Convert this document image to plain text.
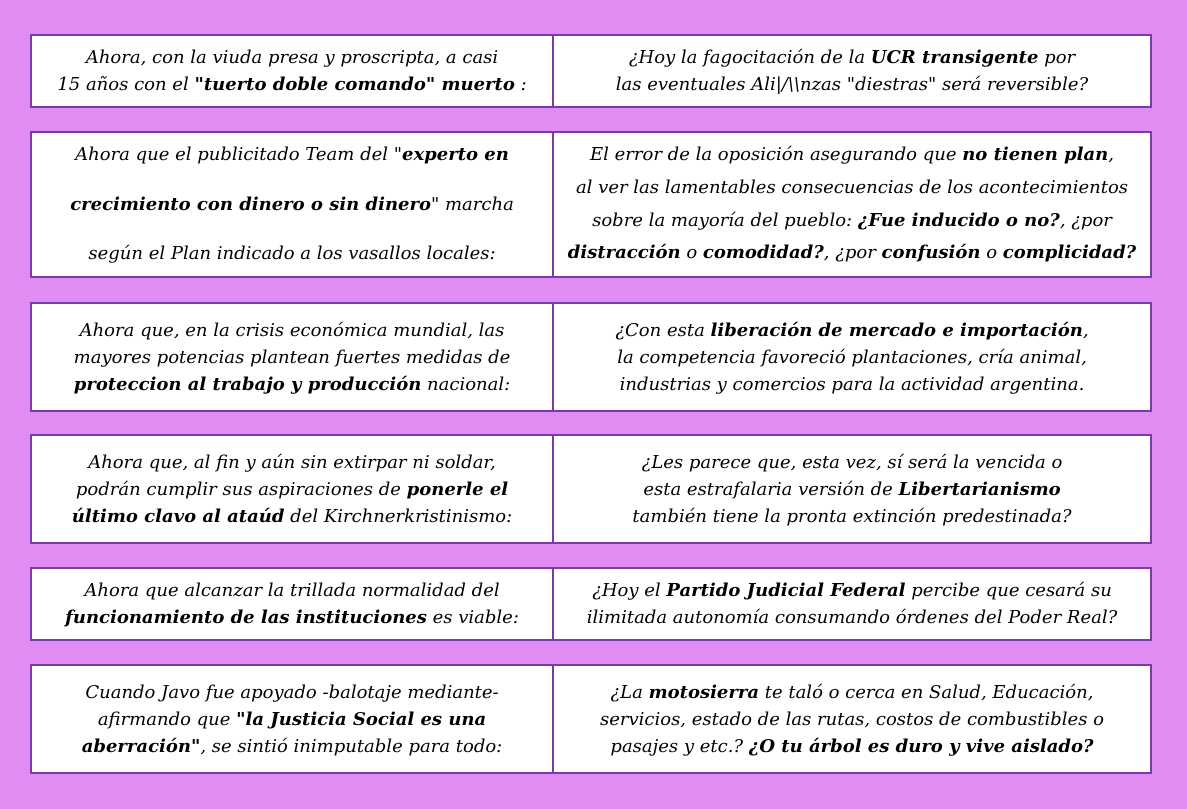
Ahora, con la viuda presa y proscripta, a casi
15 años con el "tuerto doble comando" muerto :
¿Hoy la fagocitación de la UCR transigente por
las eventuales Ali|/\\nzas "diestras" será reversible?
Ahora que el publicitado Team del "experto en
crecimiento con dinero o sin dinero" marcha
según el Plan indicado a los vasallos locales:
El error de la oposición asegurando que no tienen plan,
al ver las lamentables consecuencias de los acontecimientos
sobre la mayoría del pueblo: ¿Fue inducido o no?, ¿por
distracción o comodidad?, ¿por confusión o complicidad?
Ahora que, en la crisis económica mundial, las
mayores potencias plantean fuertes medidas de
proteccion al trabajo y producción nacional:
¿Con esta liberación de mercado e importación,
la competencia favoreció plantaciones, cría animal,
industrias y comercios para la actividad argentina.
Ahora que, al fin y aún sin extirpar ni soldar,
podrán cumplir sus aspiraciones de ponerle el
último clavo al ataúd del Kirchnerkristinismo:
¿Les parece que, esta vez, sí será la vencida o
esta estrafalaria versión de Libertarianismo
también tiene la pronta extinción predestinada?
Ahora que alcanzar la trillada normalidad del
funcionamiento de las instituciones es viable:
¿Hoy el Partido Judicial Federal percibe que cesará su
ilimitada autonomía consumando órdenes del Poder Real?
Cuando Javo fue apoyado -balotaje mediante-
afirmando que "la Justicia Social es una
aberración", se sintió inimputable para todo:
¿La motosierra te taló o cerca en Salud, Educación,
servicios, estado de las rutas, costos de combustibles o
pasajes y etc.? ¿O tu árbol es duro y vive aislado?
